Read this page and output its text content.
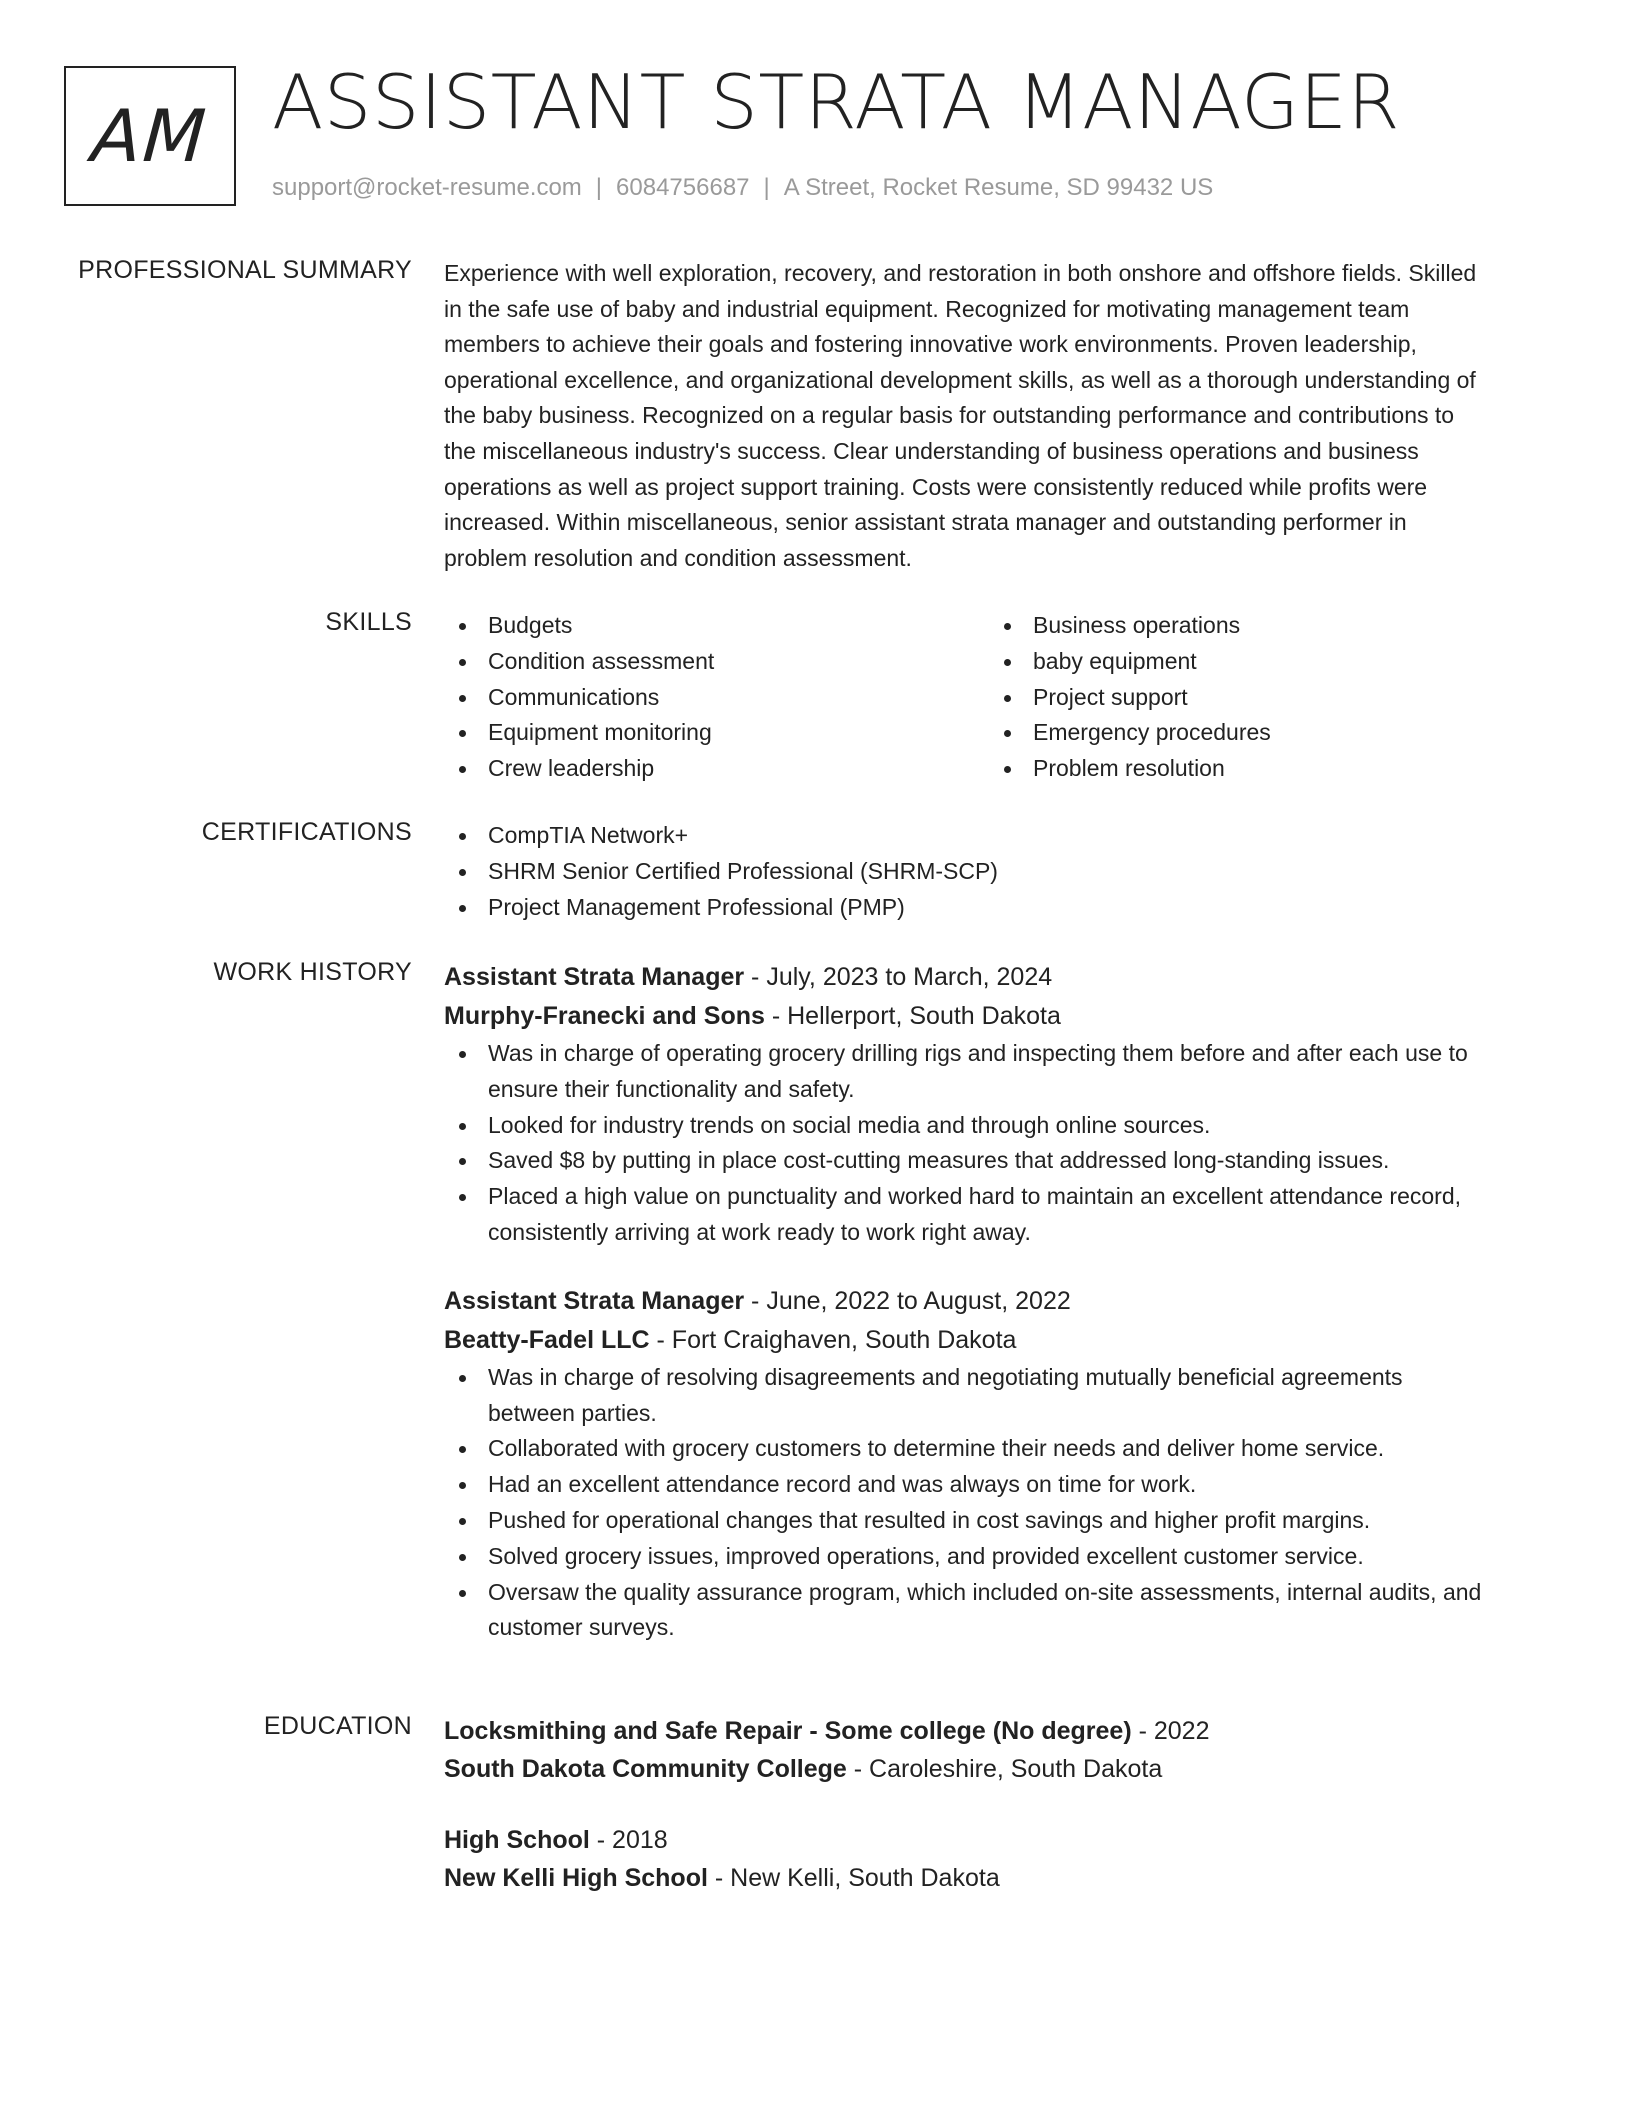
AM ASSISTANT STRATA MANAGER
support@rocket-resume.com | 6084756687 | A Street, Rocket Resume, SD 99432 US
PROFESSIONAL SUMMARY Experience with well exploration, recovery, and restoration in both onshore and offshore fields. Skilled
in the safe use of baby and industrial equipment. Recognized for motivating management team
members to achieve their goals and fostering innovative work environments. Proven leadership,
operational excellence, and organizational development skills, as well as a thorough understanding of
the baby business. Recognized on a regular basis for outstanding performance and contributions to
the miscellaneous industry's success. Clear understanding of business operations and business
operations as well as project support training. Costs were consistently reduced while profits were
increased. Within miscellaneous, senior assistant strata manager and outstanding performer in
problem resolution and condition assessment.

SKILLS	Budgets
Condition assessment
Communications
Equipment monitoring
Crew leadership
Business operations
baby equipment
Project support
Emergency procedures
Problem resolution
CERTIFICATIONS	CompTIA Network+
SHRM Senior Certified Professional (SHRM-SCP)
Project Management Professional (PMP)
WORK HISTORY Assistant Strata Manager - July, 2023 to March, 2024
Murphy-Franecki and Sons - Hellerport, South Dakota
Was in charge of operating grocery drilling rigs and inspecting them before and after each use to
ensure their functionality and safety.
Looked for industry trends on social media and through online sources.
Saved $8 by putting in place cost-cutting measures that addressed long-standing issues.
Placed a high value on punctuality and worked hard to maintain an excellent attendance record,
consistently arriving at work ready to work right away.
Assistant Strata Manager - June, 2022 to August, 2022
Beatty-Fadel LLC - Fort Craighaven, South Dakota
Was in charge of resolving disagreements and negotiating mutually beneficial agreements
between parties.
Collaborated with grocery customers to determine their needs and deliver home service.
Had an excellent attendance record and was always on time for work.
Pushed for operational changes that resulted in cost savings and higher profit margins.
Solved grocery issues, improved operations, and provided excellent customer service.
Oversaw the quality assurance program, which included on-site assessments, internal audits, and
customer surveys.
EDUCATION Locksmithing and Safe Repair - Some college (No degree) - 2022
South Dakota Community College - Caroleshire, South Dakota
High School - 2018
New Kelli High School - New Kelli, South Dakota
